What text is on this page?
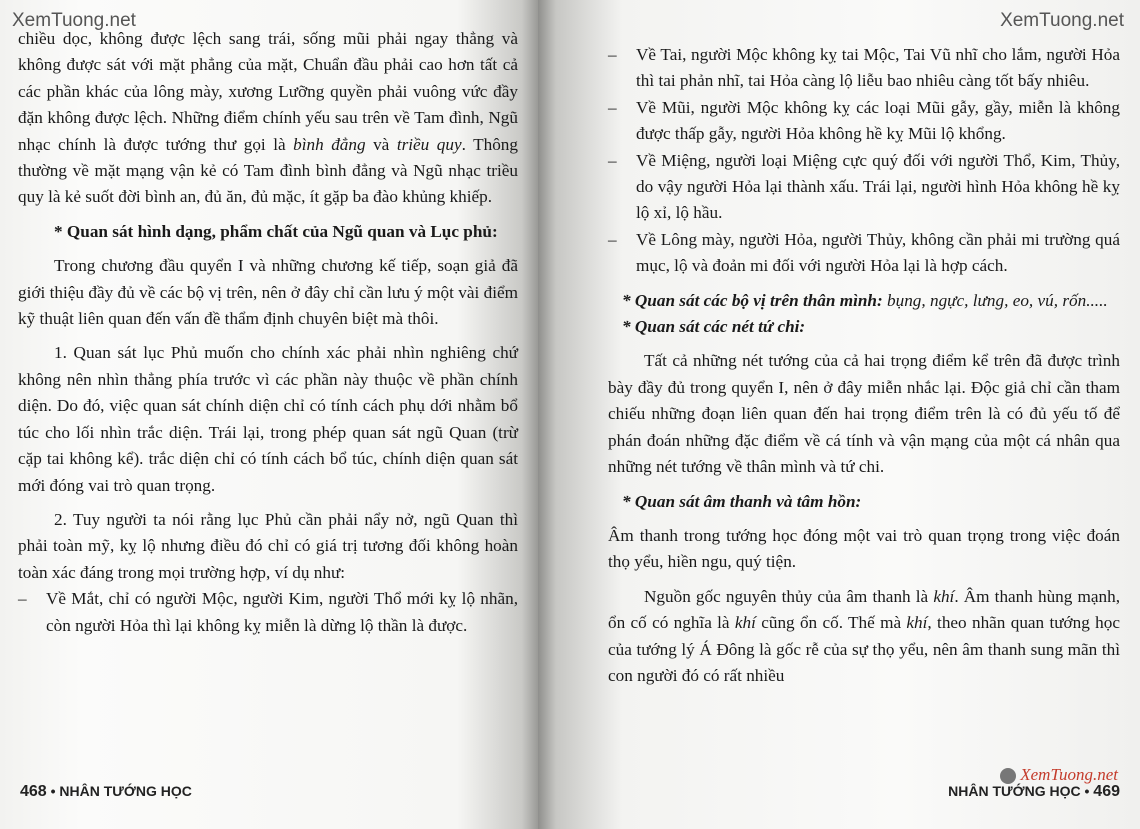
XemTuong.net

chiều dọc, không được lệch sang trái, sống mũi phải ngay thẳng và không được sát với mặt phẳng của mặt, Chuẩn đầu phải cao hơn tất cả các phần khác của lông mày, xương Lưỡng quyền phải vuông vức đầy đặn không được lệch. Những điểm chính yếu sau trên về Tam đình, Ngũ nhạc chính là được tướng thư gọi là bình đẳng và triều quy. Thông thường về mặt mạng vận kẻ có Tam đình bình đẳng và Ngũ nhạc triều quy là kẻ suốt đời bình an, đủ ăn, đủ mặc, ít gặp ba đào khủng khiếp.

* Quan sát hình dạng, phẩm chất của Ngũ quan và Lục phủ:

Trong chương đầu quyển I và những chương kế tiếp, soạn giả đã giới thiệu đầy đủ về các bộ vị trên, nên ở đây chỉ cần lưu ý một vài điểm kỹ thuật liên quan đến vấn đề thẩm định chuyên biệt mà thôi.

1. Quan sát lục Phủ muốn cho chính xác phải nhìn nghiêng chứ không nên nhìn thẳng phía trước vì các phần này thuộc về phần chính diện. Do đó, việc quan sát chính diện chỉ có tính cách phụ dới nhằm bổ túc cho lối nhìn trắc diện. Trái lại, trong phép quan sát ngũ Quan (trừ cặp tai không kể). trắc diện chỉ có tính cách bổ túc, chính diện quan sát mới đóng vai trò quan trọng.

2. Tuy người ta nói rằng lục Phủ cần phải nẩy nở, ngũ Quan thì phải toàn mỹ, kỵ lộ nhưng điều đó chỉ có giá trị tương đối không hoàn toàn xác đáng trong mọi trường hợp, ví dụ như:

– Về Mắt, chỉ có người Mộc, người Kim, người Thổ mới kỵ lộ nhãn, còn người Hỏa thì lại không kỵ miễn là dừng lộ thần là được.

468 • NHÂN TƯỚNG HỌC
XemTuong.net

– Về Tai, người Mộc không kỵ tai Mộc, Tai Vũ nhĩ cho lắm, người Hỏa thì tai phản nhĩ, tai Hỏa càng lộ liễu bao nhiêu càng tốt bấy nhiêu.

– Về Mũi, người Mộc không kỵ các loại Mũi gẫy, gầy, miễn là không được thấp gẫy, người Hỏa không hề kỵ Mũi lộ khổng.

– Về Miệng, người loại Miệng cực quý đối với người Thổ, Kim, Thủy, do vậy người Hỏa lại thành xấu. Trái lại, người hình Hỏa không hề kỵ lộ xỉ, lộ hầu.

– Về Lông mày, người Hỏa, người Thủy, không cần phải mi trường quá mục, lộ và đoản mi đối với người Hỏa lại là hợp cách.

* Quan sát các bộ vị trên thân mình: bụng, ngực, lưng, eo, vú, rốn.....

* Quan sát các nét tứ chi:

Tất cả những nét tướng của cả hai trọng điểm kể trên đã được trình bày đầy đủ trong quyển I, nên ở đây miễn nhắc lại. Độc giả chỉ cần tham chiếu những đoạn liên quan đến hai trọng điểm trên là có đủ yếu tố để phán đoán những đặc điểm về cá tính và vận mạng của một cá nhân qua những nét tướng về thân mình và tứ chi.

* Quan sát âm thanh và tâm hồn:

Âm thanh trong tướng học đóng một vai trò quan trọng trong việc đoán thọ yểu, hiền ngu, quý tiện.

Nguồn gốc nguyên thủy của âm thanh là khí. Âm thanh hùng mạnh, ổn cố có nghĩa là khí cũng ổn cố. Thế mà khí, theo nhãn quan tướng học của tướng lý Á Đông là gốc rễ của sự thọ yểu, nên âm thanh sung mãn thì con người đó có rất nhiều

XemTuong.net
NHÂN TƯỚNG HỌC • 469
